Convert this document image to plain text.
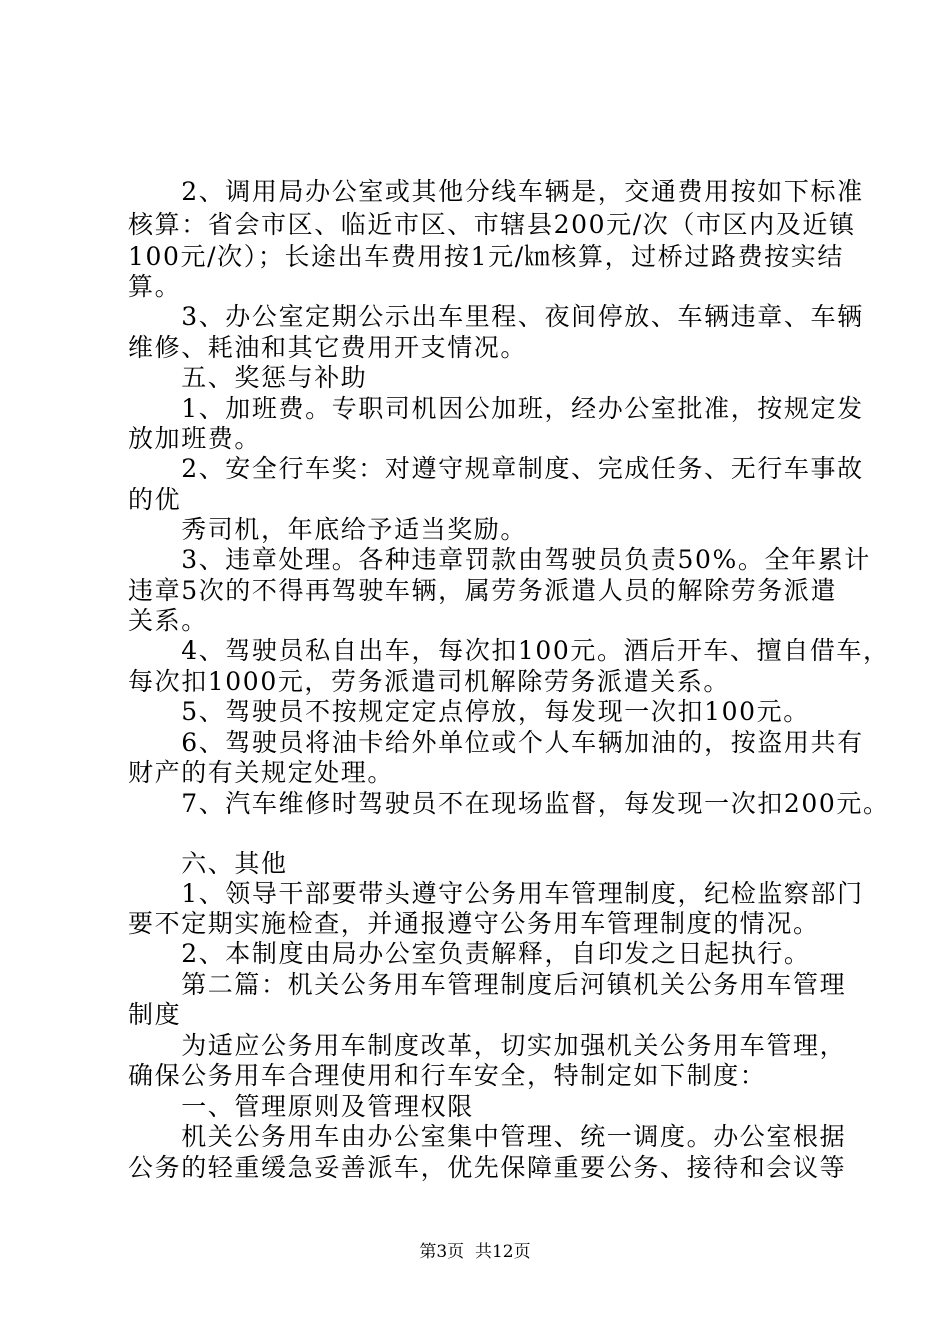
　　2、调用局办公室或其他分线车辆是，交通费用按如下标准
核算：省会市区、临近市区、市辖县200元/次（市区内及近镇
100元/次）；长途出车费用按1元/㎞核算，过桥过路费按实结
算。
　　3、办公室定期公示出车里程、夜间停放、车辆违章、车辆
维修、耗油和其它费用开支情况。
　　五、奖惩与补助
　　1、加班费。专职司机因公加班，经办公室批准，按规定发
放加班费。
　　2、安全行车奖：对遵守规章制度、完成任务、无行车事故
的优
　　秀司机，年底给予适当奖励。
　　3、违章处理。各种违章罚款由驾驶员负责50%。全年累计
违章5次的不得再驾驶车辆，属劳务派遣人员的解除劳务派遣
关系。
　　4、驾驶员私自出车，每次扣100元。酒后开车、擅自借车，
每次扣1000元，劳务派遣司机解除劳务派遣关系。
　　5、驾驶员不按规定定点停放，每发现一次扣100元。
　　6、驾驶员将油卡给外单位或个人车辆加油的，按盗用共有
财产的有关规定处理。
　　7、汽车维修时驾驶员不在现场监督，每发现一次扣200元。
　　六、其他
　　1、领导干部要带头遵守公务用车管理制度，纪检监察部门
要不定期实施检查，并通报遵守公务用车管理制度的情况。
　　2、本制度由局办公室负责解释，自印发之日起执行。
　　第二篇：机关公务用车管理制度后河镇机关公务用车管理
制度
　　为适应公务用车制度改革，切实加强机关公务用车管理，
确保公务用车合理使用和行车安全，特制定如下制度：
　　一、管理原则及管理权限
　　机关公务用车由办公室集中管理、统一调度。办公室根据
公务的轻重缓急妥善派车，优先保障重要公务、接待和会议等
第3页  共12页
